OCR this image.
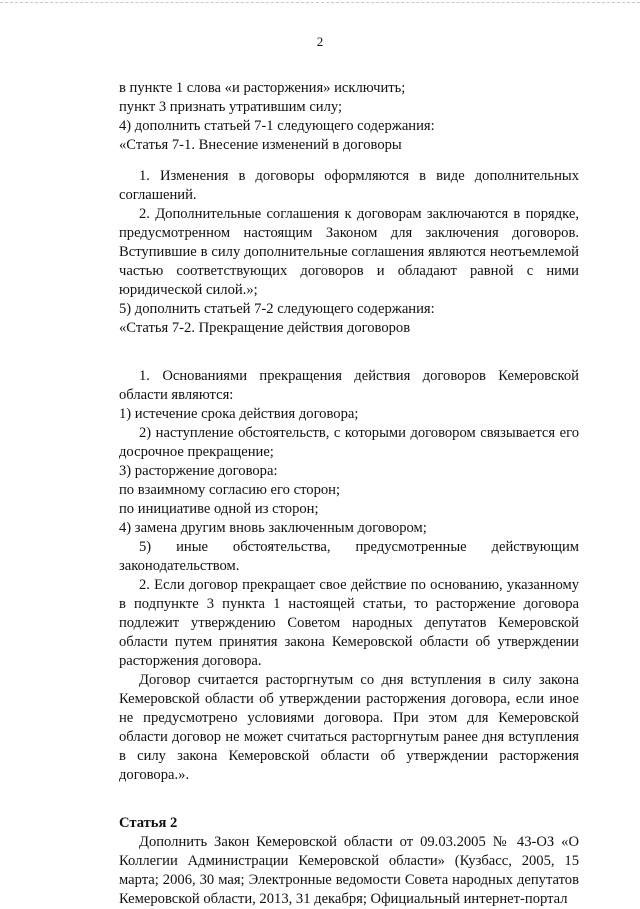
2

в пункте 1 слова «и расторжения» исключить;

пункт 3 признать утратившим силу;

4) дополнить статьей 7-1 следующего содержания:

«Статья 7-1. Внесение изменений в договоры

1. Изменения в договоры оформляются в виде дополнительных соглашений.

2. Дополнительные соглашения к договорам заключаются в порядке, предусмотренном настоящим Законом для заключения договоров. Вступившие в силу дополнительные соглашения являются неотъемлемой частью соответствующих договоров и обладают равной с ними юридической силой.»;

5) дополнить статьей 7-2 следующего содержания:

«Статья 7-2. Прекращение действия договоров

1. Основаниями прекращения действия договоров Кемеровской области являются:

1) истечение срока действия договора;

2) наступление обстоятельств, с которыми договором связывается его досрочное прекращение;

3) расторжение договора:

по взаимному согласию его сторон;

по инициативе одной из сторон;

4) замена другим вновь заключенным договором;

5) иные обстоятельства, предусмотренные действующим законодательством.

2. Если договор прекращает свое действие по основанию, указанному в подпункте 3 пункта 1 настоящей статьи, то расторжение договора подлежит утверждению Советом народных депутатов Кемеровской области путем принятия закона Кемеровской области об утверждении расторжения договора.

Договор считается расторгнутым со дня вступления в силу закона Кемеровской области об утверждении расторжения договора, если иное не предусмотрено условиями договора. При этом для Кемеровской области договор не может считаться расторгнутым ранее дня вступления в силу закона Кемеровской области об утверждении расторжения договора.».

Статья 2

Дополнить Закон Кемеровской области от 09.03.2005 № 43-ОЗ «О Коллегии Администрации Кемеровской области» (Кузбасс, 2005, 15 марта; 2006, 30 мая; Электронные ведомости Совета народных депутатов Кемеровской области, 2013, 31 декабря; Официальный интернет-портал
